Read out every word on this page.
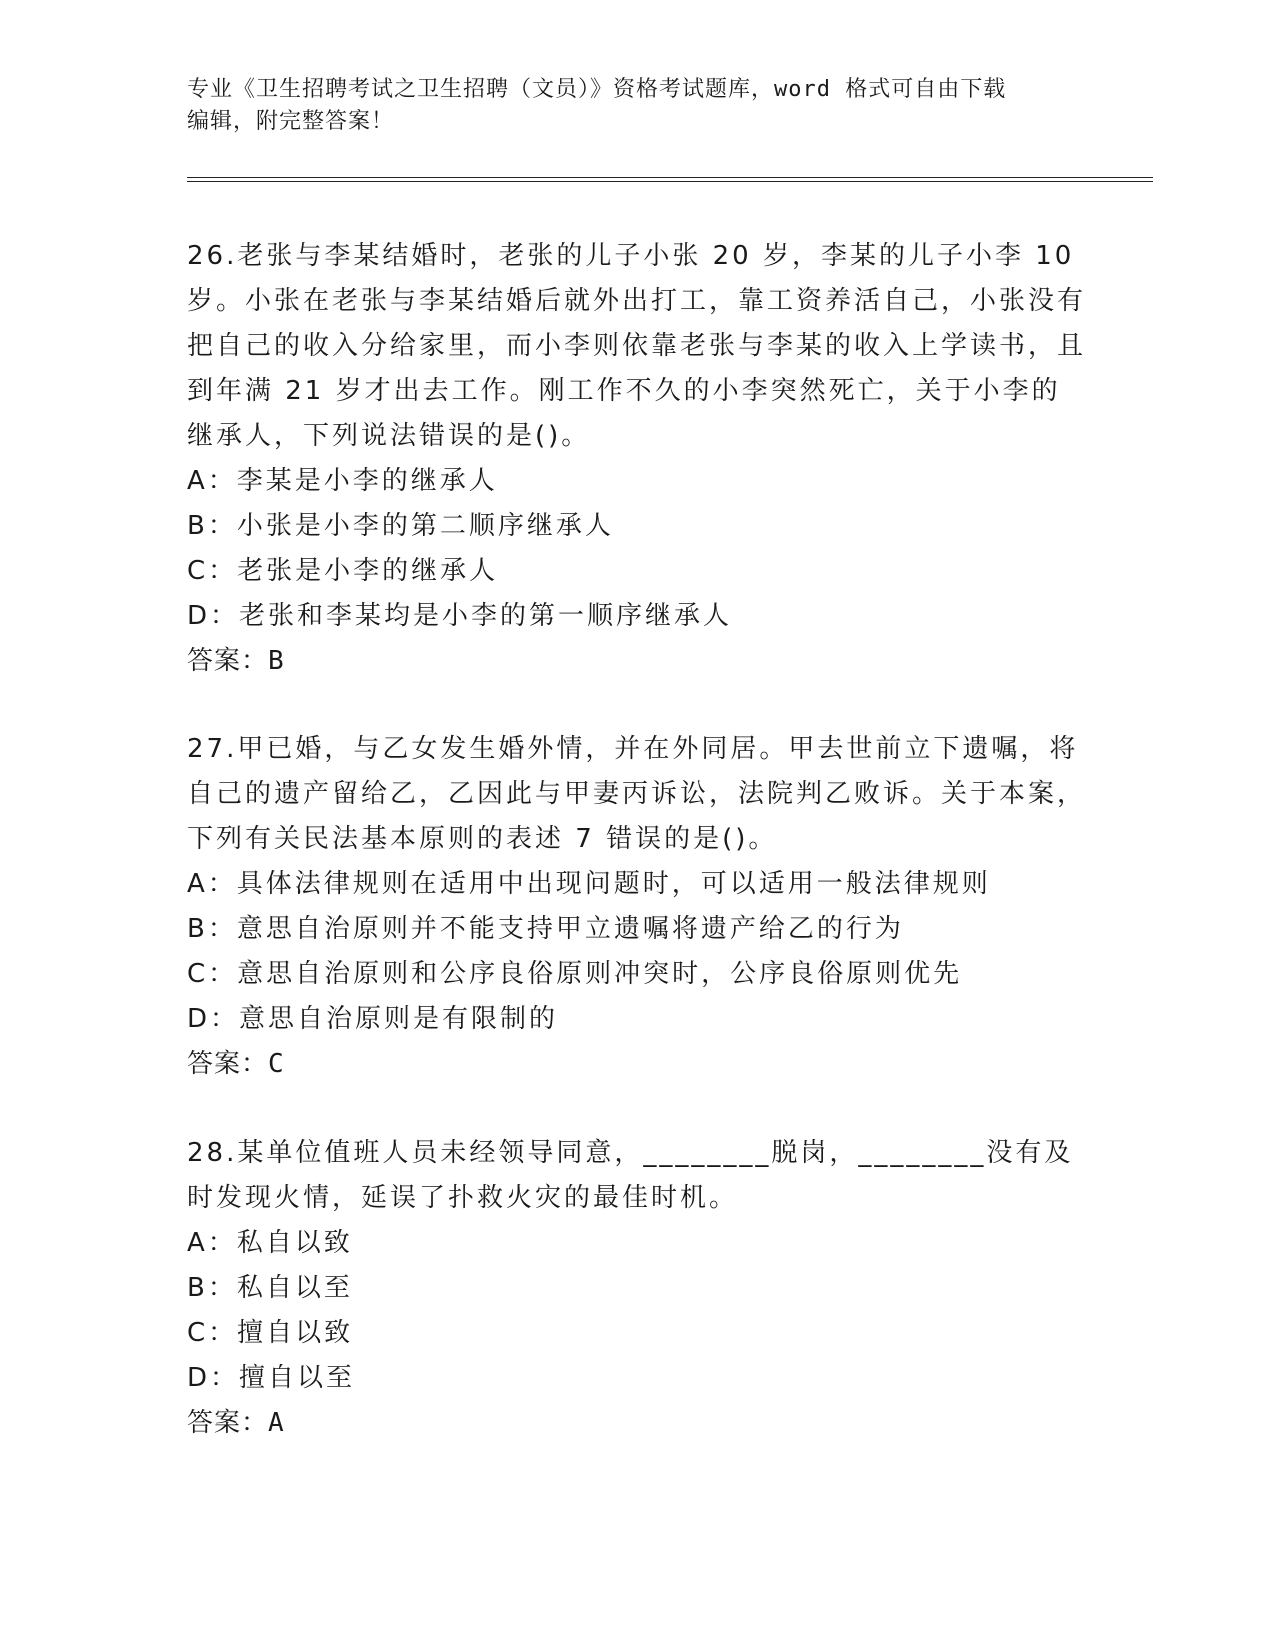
专业《卫生招聘考试之卫生招聘（文员）》资格考试题库，word 格式可自由下载
编辑，附完整答案！

26.老张与李某结婚时，老张的儿子小张 20 岁，李某的儿子小李 10 岁。小张在老张与李某结婚后就外出打工，靠工资养活自己，小张没有把自己的收入分给家里，而小李则依靠老张与李某的收入上学读书，且到年满 21 岁才出去工作。刚工作不久的小李突然死亡，关于小李的继承人，下列说法错误的是()。

A：李某是小李的继承人

B：小张是小李的第二顺序继承人

C：老张是小李的继承人

D：老张和李某均是小李的第一顺序继承人

答案：B

27.甲已婚，与乙女发生婚外情，并在外同居。甲去世前立下遗嘱，将自己的遗产留给乙，乙因此与甲妻丙诉讼，法院判乙败诉。关于本案，下列有关民法基本原则的表述 7 错误的是()。

A：具体法律规则在适用中出现问题时，可以适用一般法律规则

B：意思自治原则并不能支持甲立遗嘱将遗产给乙的行为

C：意思自治原则和公序良俗原则冲突时，公序良俗原则优先

D：意思自治原则是有限制的

答案：C

28.某单位值班人员未经领导同意，________脱岗，________没有及时发现火情，延误了扑救火灾的最佳时机。

A：私自以致

B：私自以至

C：擅自以致

D：擅自以至

答案：A
